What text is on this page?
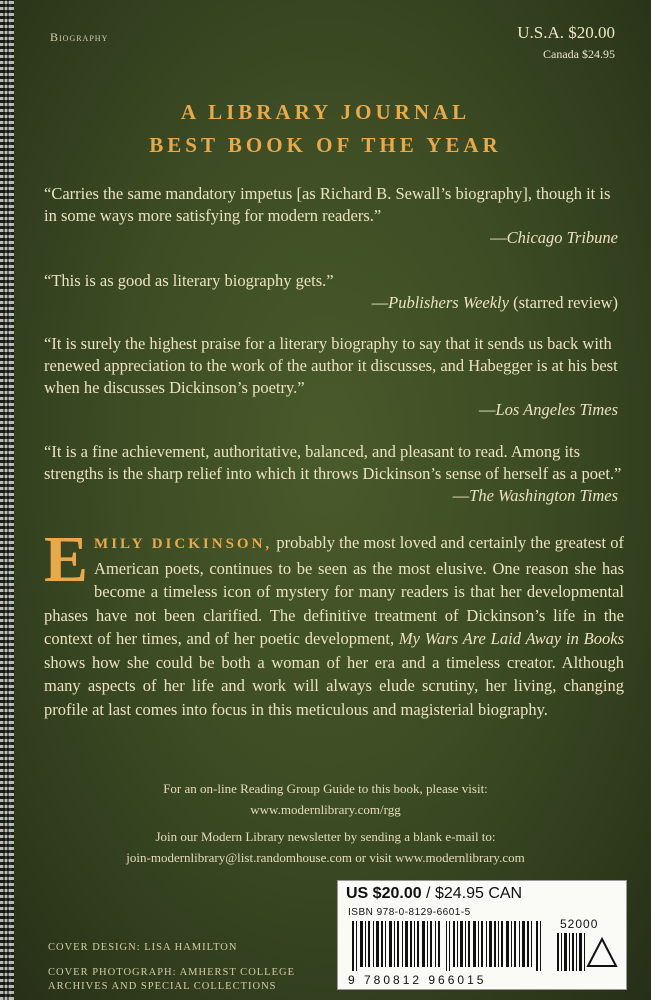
Biography	U.S.A. $20.00
Canada $24.95
A LIBRARY JOURNAL
BEST BOOK OF THE YEAR
“Carries the same mandatory impetus [as Richard B. Sewall’s biography], though it is in some ways more satisfying for modern readers.”
—Chicago Tribune
“This is as good as literary biography gets.”
—Publishers Weekly (starred review)
“It is surely the highest praise for a literary biography to say that it sends us back with renewed appreciation to the work of the author it discusses, and Habegger is at his best when he discusses Dickinson’s poetry.”
—Los Angeles Times
“It is a fine achievement, authoritative, balanced, and pleasant to read. Among its strengths is the sharp relief into which it throws Dickinson’s sense of herself as a poet.”
—The Washington Times
EMILY DICKINSON, probably the most loved and certainly the greatest of American poets, continues to be seen as the most elusive. One reason she has become a timeless icon of mystery for many readers is that her developmental phases have not been clarified. The definitive treatment of Dickinson’s life in the context of her times, and of her poetic development, My Wars Are Laid Away in Books shows how she could be both a woman of her era and a timeless creator. Although many aspects of her life and work will always elude scrutiny, her living, changing profile at last comes into focus in this meticulous and magisterial biography.
For an on-line Reading Group Guide to this book, please visit:
www.modernlibrary.com/rgg
Join our Modern Library newsletter by sending a blank e-mail to:
join-modernlibrary@list.randomhouse.com or visit www.modernlibrary.com
COVER DESIGN: LISA HAMILTON
COVER PHOTOGRAPH: AMHERST COLLEGE
ARCHIVES AND SPECIAL COLLECTIONS
US $20.00 / $24.95 CAN
ISBN 978-0-8129-6601-5
52000
9 780812 966015
